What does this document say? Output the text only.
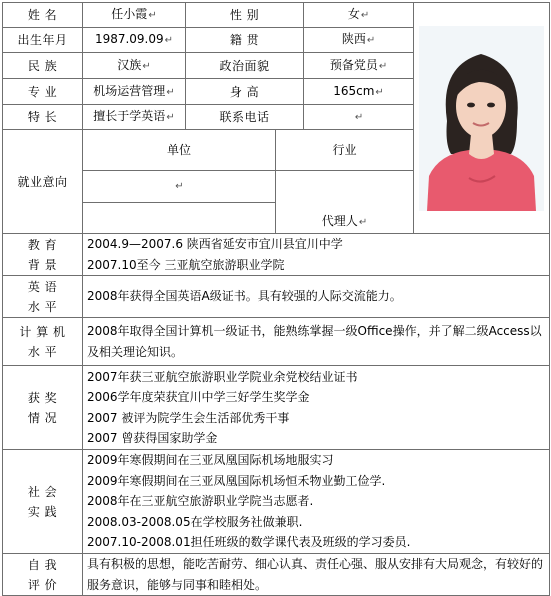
姓 名	任小霞↵	性 别		女↵	

出生年月	1987.09.09↵	籍 贯		陕西↵		
民 族	汉族↵	政治面貌		预备党员↵		
专 业	机场运营管理↵	身 高		165cm↵		
特 长	擅长于学英语↵	联系电话		↵		
就业意向	单位		行业	
	↵		代理人↵	

教 育
背 景	2004.9—2007.6 陕西省延安市宜川县宜川中学
2007.10至今 三亚航空旅游职业学院					

英 语
水 平	2008年获得全国英语A级证书。具有较强的人际交流能力。					

计 算 机
水 平	2008年取得全国计算机一级证书，能熟练掌握一级Office操作，并了解二级Access以及相关理论知识。					

获 奖
情 况	2007年获三亚航空旅游职业学院业余党校结业证书
2006学年度荣获宜川中学三好学生奖学金
2007 被评为院学生会生活部优秀干事
2007 曾获得国家助学金					

社 会
实 践	2009年寒假期间在三亚凤凰国际机场地服实习
2009年寒假期间在三亚凤凰国际机场恒禾物业勤工俭学.
2008年在三亚航空旅游职业学院当志愿者.
2008.03-2008.05在学校服务社做兼职.
2007.10-2008.01担任班级的数学课代表及班级的学习委员.					

自 我
评 价	具有积极的思想，能吃苦耐劳、细心认真、责任心强、服从安排有大局观念，有较好的服务意识，能够与同事和睦相处。					
